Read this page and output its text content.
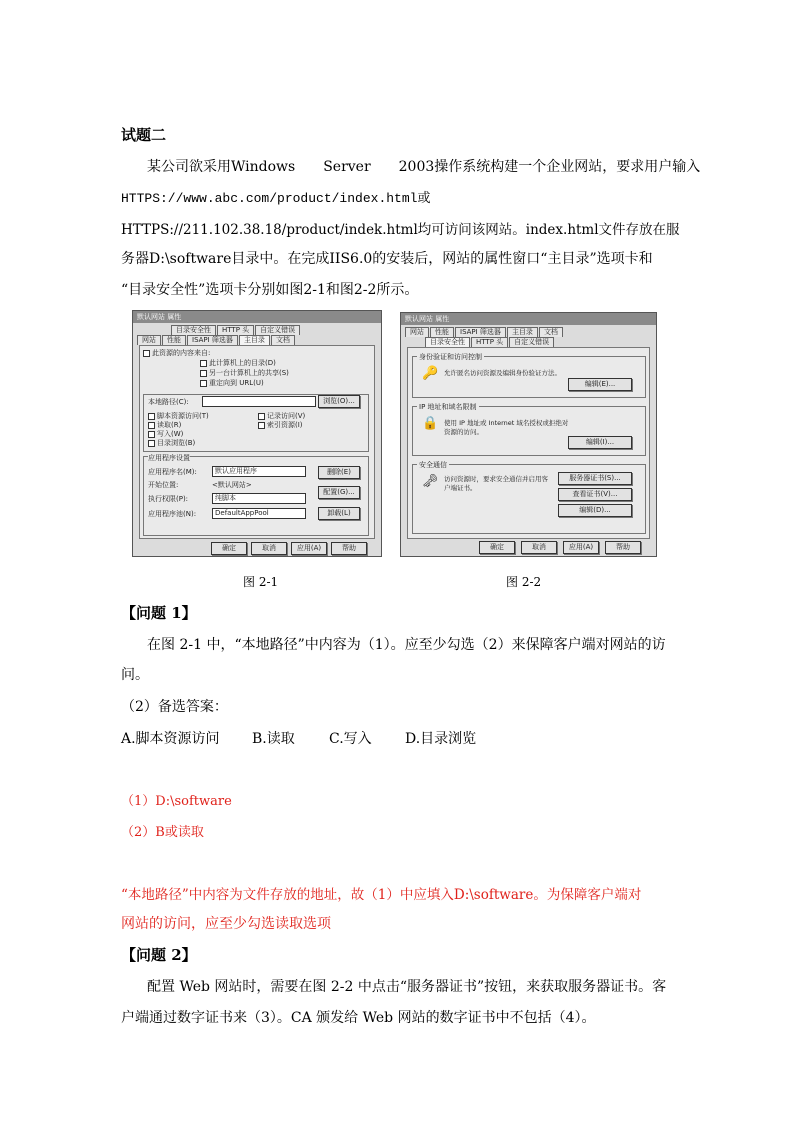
试题二
某公司欲采用Windows　　Server　　2003操作系统构建一个企业网站，要求用户输入
HTTPS://www.abc.com/product/index.html或
HTTPS://211.102.38.18/product/indek.html均可访问该网站。index.html文件存放在服
务器D:\software目录中。在完成IIS6.0的安装后，网站的属性窗口“主目录”选项卡和
“目录安全性”选项卡分别如图2-1和图2-2所示。
默认网站 属性
目录安全性	HTTP 头	自定义错误
网站	性能	ISAPI 筛选器	主目录	文档
此资源的内容来自:
此计算机上的目录(D)
另一台计算机上的共享(S)
重定向到 URL(U)
本地路径(C):	浏览(O)...
脚本资源访问(T)
读取(R)
写入(W)
目录浏览(B)
记录访问(V)
索引资源(I)
应用程序设置
应用程序名(M):	默认应用程序	删除(E)
开始位置:	<默认网站>
配置(G)...
执行权限(P):	纯脚本
应用程序池(N):	DefaultAppPool	卸载(L)
确定	取消	应用(A)	帮助
图 2-1
默认网站 属性
网站	性能	ISAPI 筛选器	主目录	文档
目录安全性	HTTP 头	自定义错误
身份验证和访问控制
🔑 允许匿名访问资源及编辑身份验证方法。
编辑(E)...
IP 地址和域名限制
🔒 使用 IP 地址或 Internet 域名授权或拒绝对资源的访问。
编辑(I)...
安全通信
🗝 访问资源时，要求安全通信并启用客户端证书。
服务器证书(S)...
查看证书(V)...
编辑(D)...
确定	取消	应用(A)	帮助
图 2-2
【问题 1】
在图 2-1 中，“本地路径”中内容为（1）。应至少勾选（2）来保障客户端对网站的访
问。
（2）备选答案：
A.脚本资源访问 B.读取 C.写入 D.目录浏览
（1）D:\software
（2）B或读取
“本地路径”中内容为文件存放的地址，故（1）中应填入D:\software。为保障客户端对
网站的访问，应至少勾选读取选项
【问题 2】
配置 Web 网站时，需要在图 2-2 中点击“服务器证书”按钮，来获取服务器证书。客
户端通过数字证书来（3）。CA 颁发给 Web 网站的数字证书中不包括（4）。
